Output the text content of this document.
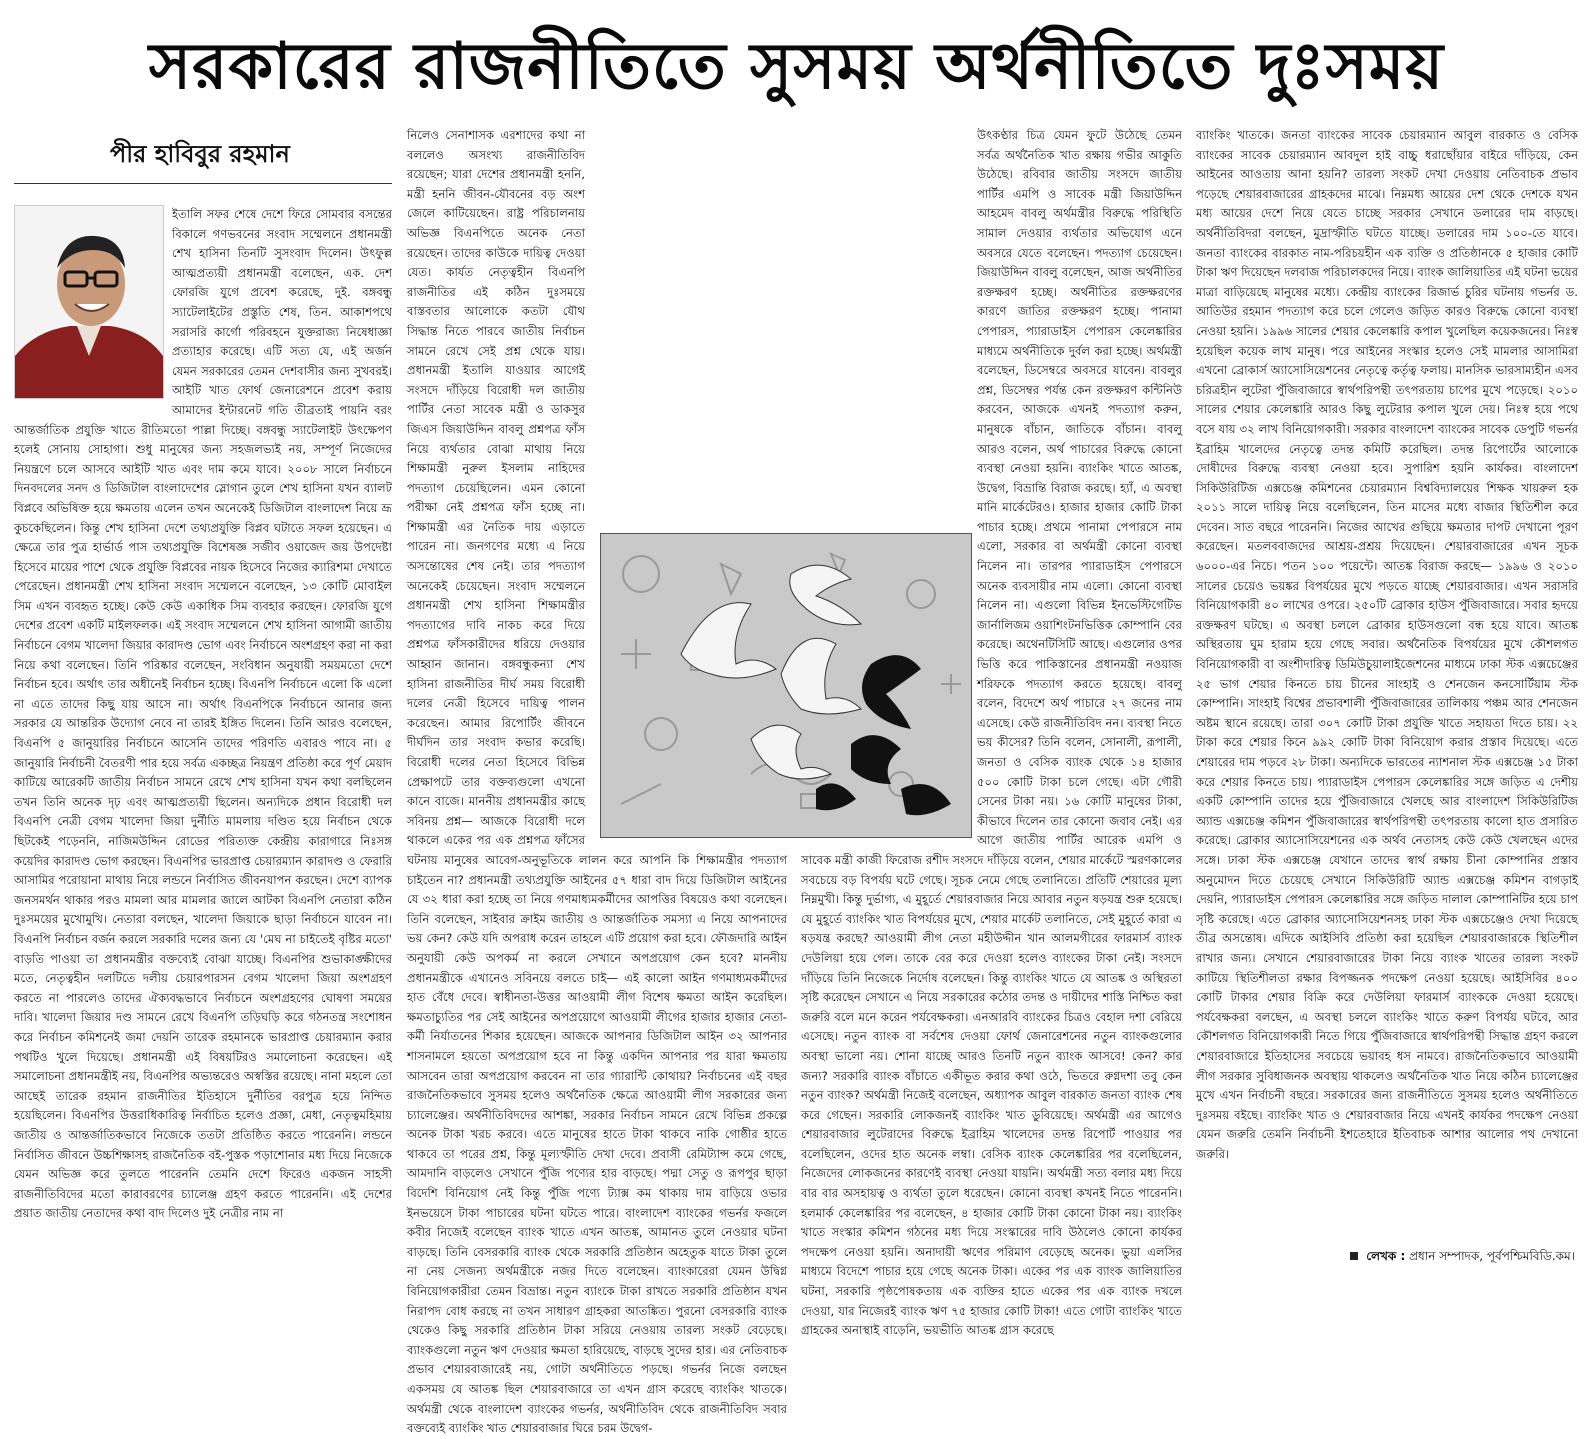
সরকারের রাজনীতিতে সুসময় অর্থনীতিতে দুঃসময়
পীর হাবিবুর রহমান

ইতালি সফর শেষে দেশে ফিরে সোমবার বসন্তের বিকালে গণভবনের সংবাদ সম্মেলনে প্রধানমন্ত্রী শেখ হাসিনা তিনটি সুসংবাদ দিলেন। উৎফুল্ল আত্মপ্রত্যয়ী প্রধানমন্ত্রী বলেছেন, এক. দেশ ফোরজি যুগে প্রবেশ করেছে, দুই. বঙ্গবন্ধু স্যাটেলাইটের প্রস্তুতি শেষ, তিন. আকাশপথে সরাসরি কার্গো পরিবহনে যুক্তরাজ্য নিষেধাজ্ঞা প্রত্যাহার করেছে। এটি সত্য যে, এই অর্জন যেমন সরকারের তেমন দেশবাসীর জন্য সুখবরই। আইটি খাত ফোর্থ জেনারেশনে প্রবেশ করায় আমাদের ইন্টারনেট গতি তীব্রতাই পায়নি বরং আন্তর্জাতিক প্রযুক্তি খাতে রীতিমতো পাল্লা দিচ্ছে। বঙ্গবন্ধু স্যাটেলাইট উৎক্ষেপণ হলেই সোনায় সোহাগা। শুধু মানুষের জন্য সহজলভ্যই নয়, সম্পূর্ণ নিজেদের নিয়ন্ত্রণে চলে আসবে আইটি খাত এবং দাম কমে যাবে। ২০০৮ সালে নির্বাচনে দিনবদলের সনদ ও ডিজিটাল বাংলাদেশের স্লোগান তুলে শেখ হাসিনা যখন ব্যালট বিপ্লবে অভিষিক্ত হয়ে ক্ষমতায় এলেন তখন অনেকেই ডিজিটাল বাংলাদেশ নিয়ে ভ্রূ কুচকেছিলেন। কিন্তু শেখ হাসিনা দেশে তথ্যপ্রযুক্তি বিপ্লব ঘটাতে সফল হয়েছেন। এ ক্ষেত্রে তার পুত্র হার্ভার্ড পাস তথ্যপ্রযুক্তি বিশেষজ্ঞ সজীব ওয়াজেদ জয় উপদেষ্টা হিসেবে মায়ের পাশে থেকে প্রযুক্তি বিপ্লবের নায়ক হিসেবে নিজের ক্যারিশমা দেখাতে পেরেছেন। প্রধানমন্ত্রী শেখ হাসিনা সংবাদ সম্মেলনে বলেছেন, ১৩ কোটি মোবাইল সিম এখন ব্যবহৃত হচ্ছে। কেউ কেউ একাধিক সিম ব্যবহার করছেন। ফোরজি যুগে দেশের প্রবেশ একটি মাইলফলক। এই সংবাদ সম্মেলনে শেখ হাসিনা আগামী জাতীয় নির্বাচনে বেগম খালেদা জিয়ার কারাদণ্ড ভোগ এবং নির্বাচনে অংশগ্রহণ করা না করা নিয়ে কথা বলেছেন। তিনি পরিষ্কার বলেছেন, সংবিধান অনুযায়ী সময়মতো দেশে নির্বাচন হবে। অর্থাৎ তার অধীনেই নির্বাচন হচ্ছে। বিএনপি নির্বাচনে এলো কি এলো না এতে তাদের কিছু যায় আসে না। অর্থাৎ বিএনপিকে নির্বাচনে আনার জন্য সরকার যে আন্তরিক উদ্যোগ নেবে না তারই ইঙ্গিত দিলেন। তিনি আরও বলেছেন, বিএনপি ৫ জানুয়ারির নির্বাচনে আসেনি তাদের পরিণতি এবারও পাবে না। ৫ জানুয়ারি নির্বাচনী বৈতরণী পার হয়ে সর্বত্র একচ্ছত্র নিয়ন্ত্রণ প্রতিষ্ঠা করে পূর্ণ মেয়াদ কাটিয়ে আরেকটি জাতীয় নির্বাচন সামনে রেখে শেখ হাসিনা যখন কথা বলছিলেন তখন তিনি অনেক দৃঢ় এবং আত্মপ্রত্যয়ী ছিলেন। অন্যদিকে প্রধান বিরোধী দল বিএনপি নেত্রী বেগম খালেদা জিয়া দুর্নীতি মামলায় দণ্ডিত হয়ে নির্বাচন থেকে ছিটকেই পড়েননি, নাজিমউদ্দিন রোডের পরিত্যক্ত কেন্দ্রীয় কারাগারে নিঃসঙ্গ কয়েদির কারাদণ্ড ভোগ করছেন। বিএনপির ভারপ্রাপ্ত চেয়ারম্যান কারাদণ্ড ও ফেরারি আসামির পরোয়ানা মাথায় নিয়ে লন্ডনে নির্বাসিত জীবনযাপন করছেন। দেশে ব্যাপক জনসমর্থন থাকার পরও মামলা আর মামলার জালে আটকা বিএনপি নেতারা কঠিন দুঃসময়ের মুখোমুখি। নেতারা বলছেন, খালেদা জিয়াকে ছাড়া নির্বাচনে যাবেন না। বিএনপি নির্বাচন বর্জন করলে সরকারি দলের জন্য যে 'মেঘ না চাইতেই বৃষ্টির মতো' বাড়তি পাওয়া তা প্রধানমন্ত্রীর বক্তব্যেই বোঝা যাচ্ছে। বিএনপির শুভাকাঙ্ক্ষীদের মতে, নেতৃত্বহীন দলটিতে দলীয় চেয়ারপারসন বেগম খালেদা জিয়া অংশগ্রহণ করতে না পারলেও তাদের ঐক্যবদ্ধভাবে নির্বাচনে অংশগ্রহণের ঘোষণা সময়ের দাবি। খালেদা জিয়ার দণ্ড সামনে রেখে বিএনপি তড়িঘড়ি করে গঠনতন্ত্র সংশোধন করে নির্বাচন কমিশনেই জমা দেয়নি তারেক রহমানকে ভারপ্রাপ্ত চেয়ারম্যান করার পথটিও খুলে দিয়েছে। প্রধানমন্ত্রী এই বিষয়টিরও সমালোচনা করেছেন। এই সমালোচনা প্রধানমন্ত্রীই নয়, বিএনপির অভ্যন্তরেও অস্বস্তির রয়েছে। নানা মহলে তো আছেই তারেক রহমান রাজনীতির ইতিহাসে দুর্নীতির বরপুত্র হয়ে নিন্দিত হয়েছিলেন। বিএনপির উত্তরাধিকারিত্ব নির্বাচিত হলেও প্রজ্ঞা, মেধা, নেতৃত্বমহিমায় জাতীয় ও আন্তর্জাতিকভাবে নিজেকে ততটা প্রতিষ্ঠিত করতে পারেননি। লন্ডনে নির্বাসিত জীবনে উচ্চশিক্ষাসহ রাজনৈতিক বই-পুস্তক পড়াশোনার মধ্য দিয়ে নিজেকে যেমন অভিজ্ঞ করে তুলতে পারেননি তেমনি দেশে ফিরেও একজন সাহসী রাজনীতিবিদের মতো কারাবরণের চ্যালেঞ্জ গ্রহণ করতে পারেননি। এই দেশের প্রয়াত জাতীয় নেতাদের কথা বাদ দিলেও দুই নেত্রীর নাম না

নিলেও সেনাশাসক এরশাদের কথা না বললেও অসংখ্য রাজনীতিবিদ রয়েছেন; যারা দেশের প্রধানমন্ত্রী হননি, মন্ত্রী হননি জীবন-যৌবনের বড় অংশ জেলে কাটিয়েছেন। রাষ্ট্র পরিচালনায় অভিজ্ঞ বিএনপিতে অনেক নেতা রয়েছেন। তাদের কাউকে দায়িত্ব দেওয়া যেত। কার্যত নেতৃত্বহীন বিএনপি রাজনীতির এই কঠিন দুঃসময়ে বাস্তবতার আলোকে কতটা যৌথ সিদ্ধান্ত নিতে পারবে জাতীয় নির্বাচন সামনে রেখে সেই প্রশ্ন থেকে যায়। প্রধানমন্ত্রী ইতালি যাওয়ার আগেই সংসদে দাঁড়িয়ে বিরোধী দল জাতীয় পার্টির নেতা সাবেক মন্ত্রী ও ডাকসুর জিএস জিয়াউদ্দিন বাবলু প্রশ্নপত্র ফাঁস নিয়ে ব্যর্থতার বোঝা মাথায় নিয়ে শিক্ষামন্ত্রী নুরুল ইসলাম নাহিদের পদত্যাগ চেয়েছিলেন। এমন কোনো পরীক্ষা নেই প্রশ্নপত্র ফাঁস হচ্ছে না। শিক্ষামন্ত্রী এর নৈতিক দায় এড়াতে পারেন না। জনগণের মধ্যে এ নিয়ে অসন্তোষের শেষ নেই। তার পদত্যাগ অনেকেই চেয়েছেন। সংবাদ সম্মেলনে প্রধানমন্ত্রী শেখ হাসিনা শিক্ষামন্ত্রীর পদত্যাগের দাবি নাকচ করে দিয়ে প্রশ্নপত্র ফাঁসকারীদের ধরিয়ে দেওয়ার আহ্বান জানান। বঙ্গবন্ধুকন্যা শেখ হাসিনা রাজনীতির দীর্ঘ সময় বিরোধী দলের নেত্রী হিসেবে দায়িত্ব পালন করেছেন। আমার রিপোর্টিং জীবনে দীর্ঘদিন তার সংবাদ কভার করেছি। বিরোধী দলের নেতা হিসেবে বিভিন্ন প্রেক্ষাপটে তার বক্তব্যগুলো এখনো কানে বাজে। মাননীয় প্রধানমন্ত্রীর কাছে সবিনয় প্রশ্ন— আজকে বিরোধী দলে থাকলে একের পর এক প্রশ্নপত্র ফাঁসের ঘটনায় মানুষের আবেগ-অনুভূতিকে লালন করে আপনি কি শিক্ষামন্ত্রীর পদত্যাগ চাইতেন না? প্রধানমন্ত্রী তথ্যপ্রযুক্তি আইনের ৫৭ ধারা বাদ দিয়ে ডিজিটাল আইনের যে ৩২ ধারা করা হচ্ছে তা নিয়ে গণমাধ্যমকর্মীদের আপত্তির বিষয়েও কথা বলেছেন। তিনি বলেছেন, সাইবার ক্রাইম জাতীয় ও আন্তর্জাতিক সমস্যা এ নিয়ে আপনাদের ভয় কেন? কেউ যদি অপরাধ করেন তাহলে এটি প্রয়োগ করা হবে। ফৌজদারি আইন অনুযায়ী কেউ অপকর্ম না করলে সেখানে অপপ্রয়োগ কেন হবে? মাননীয় প্রধানমন্ত্রীকে এখানেও সবিনয়ে বলতে চাই— এই কালো আইন গণমাধ্যমকর্মীদের হাত বেঁধে দেবে। স্বাধীনতা-উত্তর আওয়ামী লীগ বিশেষ ক্ষমতা আইন করেছিল। ক্ষমতাচ্যুতির পর সেই আইনের অপপ্রয়োগে আওয়ামী লীগের হাজার হাজার নেতা-কর্মী নির্যাতনের শিকার হয়েছেন। আজকে আপনার ডিজিটাল আইন ৩২ আপনার শাসনামলে হয়তো অপপ্রয়োগ হবে না কিন্তু একদিন আপনার পর যারা ক্ষমতায় আসবেন তারা অপপ্রয়োগ করবেন না তার গ্যারান্টি কোথায়? নির্বাচনের এই বছর রাজনৈতিকভাবে সুসময় হলেও অর্থনৈতিক ক্ষেত্রে আওয়ামী লীগ সরকারের জন্য চ্যালেঞ্জের। অর্থনীতিবিদদের আশঙ্কা, সরকার নির্বাচন সামনে রেখে বিভিন্ন প্রকল্পে অনেক টাকা খরচ করবে। এতে মানুষের হাতে টাকা থাকবে নাকি গোষ্ঠীর হাতে থাকবে তা পরের প্রশ্ন, কিন্তু মূল্যস্ফীতি দেখা দেবে। প্রবাসী রেমিট্যান্স কমে গেছে, আমদানি বাড়লেও সেখানে পুঁজি পণ্যের হার বাড়ছে। পদ্মা সেতু ও রূপপুর ছাড়া বিদেশি বিনিয়োগ নেই কিন্তু পুঁজি পণ্যে ট্যাক্স কম থাকায় দাম বাড়িয়ে ওভার ইনভয়েসে টাকা পাচারের ঘটনা ঘটতে পারে। বাংলাদেশ ব্যাংকের গভর্নর ফজলে কবীর নিজেই বলেছেন ব্যাংক খাতে এখন আতঙ্ক, আমানত তুলে নেওয়ার ঘটনা বাড়ছে। তিনি বেসরকারি ব্যাংক থেকে সরকারি প্রতিষ্ঠান অহেতুক যাতে টাকা তুলে না নেয় সেজন্য অর্থমন্ত্রীকে নজর দিতে বলেছেন। ব্যাংকারেরা যেমন উদ্বিগ্ন বিনিয়োগকারীরা তেমন বিভ্রান্ত। নতুন ব্যাংকে টাকা রাখতে সরকারি প্রতিষ্ঠান যখন নিরাপদ বোধ করছে না তখন সাধারণ গ্রাহকরা আতঙ্কিত। পুরনো বেসরকারি ব্যাংক থেকেও কিছু সরকারি প্রতিষ্ঠান টাকা সরিয়ে নেওয়ায় তারল্য সংকট বেড়েছে। ব্যাংকগুলো নতুন ঋণ দেওয়ার ক্ষমতা হারিয়েছে, বাড়ছে সুদের হার। এর নেতিবাচক প্রভাব শেয়ারবাজারেই নয়, গোটা অর্থনীতিতে পড়ছে। গভর্নর নিজে বলছেন একসময় যে আতঙ্ক ছিল শেয়ারবাজারে তা এখন গ্রাস করেছে ব্যাংকিং খাতকে। অর্থমন্ত্রী থেকে বাংলাদেশ ব্যাংকের গভর্নর, অর্থনীতিবিদ থেকে রাজনীতিবিদ সবার বক্তব্যেই ব্যাংকিং খাত শেয়ারবাজার ঘিরে চরম উদ্বেগ-

উৎকণ্ঠার চিত্র যেমন ফুটে উঠেছে তেমন সর্বত্র অর্থনৈতিক খাত রক্ষায় গভীর আকুতি উঠেছে। রবিবার জাতীয় সংসদে জাতীয় পার্টির এমপি ও সাবেক মন্ত্রী জিয়াউদ্দিন আহমেদ বাবলু অর্থমন্ত্রীর বিরুদ্ধে পরিস্থিতি সামাল দেওয়ার ব্যর্থতার অভিযোগ এনে অবসরে যেতে বলেছেন। পদত্যাগ চেয়েছেন। জিয়াউদ্দিন বাবলু বলেছেন, আজ অর্থনীতির রক্তক্ষরণ হচ্ছে। অর্থনীতির রক্তক্ষরণের কারণে জাতির রক্তক্ষরণ হচ্ছে। পানামা পেপারস, প্যারাডাইস পেপারস কেলেঙ্কারির মাধ্যমে অর্থনীতিকে দুর্বল করা হচ্ছে। অর্থমন্ত্রী বলেছেন, ডিসেম্বরে অবসরে যাবেন। বাবলুর প্রশ্ন, ডিসেম্বর পর্যন্ত কেন রক্তক্ষরণ কন্টিনিউ করবেন, আজকে এখনই পদত্যাগ করুন, মানুষকে বাঁচান, জাতিকে বাঁচান। বাবলু আরও বলেন, অর্থ পাচারের বিরুদ্ধে কোনো ব্যবস্থা নেওয়া হয়নি। ব্যাংকিং খাতে আতঙ্ক, উদ্বেগ, বিভ্রান্তি বিরাজ করছে। হ্যাঁ, এ অবস্থা মানি মার্কেটেরও। হাজার হাজার কোটি টাকা পাচার হচ্ছে। প্রথমে পানামা পেপারসে নাম এলো, সরকার বা অর্থমন্ত্রী কোনো ব্যবস্থা নিলেন না। তারপর প্যারাডাইস পেপারসে অনেক ব্যবসায়ীর নাম এলো। কোনো ব্যবস্থা নিলেন না। এগুলো বিভিন্ন ইনভেস্টিগেটিভ জার্নালিজম ওয়াশিংটনভিত্তিক কোম্পানি বের করেছে। অথেনটিসিটি আছে। এগুলোর ওপর ভিত্তি করে পাকিস্তানের প্রধানমন্ত্রী নওয়াজ শরিফকে পদত্যাগ করতে হয়েছে। বাবলু বলেন, বিদেশে অর্থ পাচারে ২৭ জনের নাম এসেছে। কেউ রাজনীতিবিদ নন। ব্যবস্থা নিতে ভয় কীসের? তিনি বলেন, সোনালী, রূপালী, জনতা ও বেসিক ব্যাংক থেকে ১৪ হাজার ৫০০ কোটি টাকা চলে গেছে। এটা গৌরী সেনের টাকা নয়। ১৬ কোটি মানুষের টাকা, কীভাবে দিলেন তার কোনো জবাব নেই। এর আগে জাতীয় পার্টির আরেক এমপি ও সাবেক মন্ত্রী কাজী ফিরোজ রশীদ সংসদে দাঁড়িয়ে বলেন, শেয়ার মার্কেটে স্মরণকালের সবচেয়ে বড় বিপর্যয় ঘটে গেছে। সূচক নেমে গেছে তলানিতে। প্রতিটি শেয়ারের মূল্য নিম্নমুখী। কিন্তু দুর্ভাগ্য, এ মুহূর্তে শেয়ারবাজার নিয়ে আবার নতুন ষড়যন্ত্র শুরু হয়েছে। যে মুহূর্তে ব্যাংকিং খাত বিপর্যয়ের মুখে, শেয়ার মার্কেট তলানিতে, সেই মুহূর্তে কারা এ ষড়যন্ত্র করছে? আওয়ামী লীগ নেতা মহীউদ্দীন খান আলমগীরের ফারমার্স ব্যাংক দেউলিয়া হয়ে গেল। তাকে বের করে দেওয়া হলেও ব্যাংকের টাকা নেই। সংসদে দাঁড়িয়ে তিনি নিজেকে নির্দোষ বলেছেন। কিন্তু ব্যাংকিং খাতে যে আতঙ্ক ও অস্থিরতা সৃষ্টি করেছেন সেখানে এ নিয়ে সরকারের কঠোর তদন্ত ও দায়ীদের শাস্তি নিশ্চিত করা জরুরি বলে মনে করেন পর্যবেক্ষকরা। এনআরবি ব্যাংকের চিত্রও বেহাল দশা বেরিয়ে এসেছে। নতুন ব্যাংক বা সর্বশেষ দেওয়া ফোর্থ জেনারেশনের নতুন ব্যাংকগুলোর অবস্থা ভালো নয়। শোনা যাচ্ছে আরও তিনটি নতুন ব্যাংক আসবে! কেন? কার জন্য? সরকারি ব্যাংক বাঁচাতে একীভূত করার কথা ওঠে, ভিতরে রুগ্নদশা তবু কেন নতুন ব্যাংক? অর্থমন্ত্রী নিজেই বলেছেন, অধ্যাপক আবুল বারকাত জনতা ব্যাংক শেষ করে গেছেন। সরকারি লোকজনই ব্যাংকিং খাত ডুবিয়েছে। অর্থমন্ত্রী এর আগেও শেয়ারবাজার লুটেরাদের বিরুদ্ধে ইব্রাহিম খালেদের তদন্ত রিপোর্ট পাওয়ার পর বলেছিলেন, ওদের হাত অনেক লম্বা। বেসিক ব্যাংক কেলেঙ্কারির পর বলেছিলেন, নিজেদের লোকজনের কারণেই ব্যবস্থা নেওয়া যায়নি। অর্থমন্ত্রী সত্য বলার মধ্য দিয়ে বার বার অসহায়ত্ব ও ব্যর্থতা তুলে ধরেছেন। কোনো ব্যবস্থা কখনই নিতে পারেননি। হলমার্ক কেলেঙ্কারির পর বলেছেন, ৪ হাজার কোটি টাকা কোনো টাকা নয়। ব্যাংকিং খাতে সংস্কার কমিশন গঠনের মধ্য দিয়ে সংস্কারের দাবি উঠলেও কোনো কার্যকর পদক্ষেপ নেওয়া হয়নি। অনাদায়ী ঋণের পরিমাণ বেড়েছে অনেক। ভুয়া এলসির মাধ্যমে বিদেশে পাচার হয়ে গেছে অনেক টাকা। একের পর এক ব্যাংক জালিয়াতির ঘটনা, সরকারি পৃষ্ঠপোষকতায় এক ব্যক্তির হাতে একের পর এক ব্যাংক দখলে দেওয়া, যার নিজেরই ব্যাংক ঋণ ৭৫ হাজার কোটি টাকা! এতে গোটা ব্যাংকিং খাতে গ্রাহকের অনাস্থাই বাড়েনি, ভয়ভীতি আতঙ্ক গ্রাস করেছে

ব্যাংকিং খাতকে। জনতা ব্যাংকের সাবেক চেয়ারম্যান আবুল বারকাত ও বেসিক ব্যাংকের সাবেক চেয়ারম্যান আবদুল হাই বাচ্চু ধরাছোঁয়ার বাইরে দাঁড়িয়ে, কেন আইনের আওতায় আনা হয়নি? তারল্য সংকট দেখা দেওয়ায় নেতিবাচক প্রভাব পড়েছে শেয়ারবাজারের গ্রাহকদের মাঝে। নিম্নমধ্য আয়ের দেশ থেকে দেশকে যখন মধ্য আয়ের দেশে নিয়ে যেতে চাচ্ছে সরকার সেখানে ডলারের দাম বাড়ছে। অর্থনীতিবিদরা বলছেন, মুদ্রাস্ফীতি ঘটতে যাচ্ছে। ডলারের দাম ১০০-তে যাবে। জনতা ব্যাংকের বারকাত নাম-পরিচয়হীন এক ব্যক্তি ও প্রতিষ্ঠানকে ৫ হাজার কোটি টাকা ঋণ দিয়েছেন দলবাজ পরিচালকদের নিয়ে। ব্যাংক জালিয়াতির এই ঘটনা ভয়ের মাত্রা বাড়িয়েছে মানুষের মধ্যে। কেন্দ্রীয় ব্যাংকের রিজার্ভ চুরির ঘটনায় গভর্নর ড. আতিউর রহমান পদত্যাগ করে চলে গেলেও জড়িত কারও বিরুদ্ধে কোনো ব্যবস্থা নেওয়া হয়নি। ১৯৯৬ সালের শেয়ার কেলেঙ্কারি কপাল খুলেছিল কয়েকজনের। নিঃস্ব হয়েছিল কয়েক লাখ মানুষ। পরে আইনের সংস্কার হলেও সেই মামলার আসামিরা এখনো ব্রোকার্স অ্যাসোসিয়েশনের নেতৃত্বে কর্তৃত্ব ফলায়। মানসিক ভারসাম্যহীন এসব চরিত্রহীন লুটেরা পুঁজিবাজারে স্বার্থপরিপন্থী তৎপরতায় চাপের মুখে পড়েছে। ২০১০ সালের শেয়ার কেলেঙ্কারি আরও কিছু লুটেরার কপাল খুলে দেয়। নিঃস্ব হয়ে পথে বসে যায় ৩২ লাখ বিনিয়োগকারী। সরকার বাংলাদেশ ব্যাংকের সাবেক ডেপুটি গভর্নর ইব্রাহিম খালেদের নেতৃত্বে তদন্ত কমিটি করেছিল। তদন্ত রিপোর্টের আলোকে দোষীদের বিরুদ্ধে ব্যবস্থা নেওয়া হবে। সুপারিশ হয়নি কার্যকর। বাংলাদেশ সিকিউরিটিজ এক্সচেঞ্জ কমিশনের চেয়ারম্যান বিশ্ববিদ্যালয়ের শিক্ষক খায়রুল হক ২০১১ সালে দায়িত্ব নিয়ে বলেছিলেন, তিন মাসের মধ্যে বাজার স্থিতিশীল করে দেবেন। সাত বছরে পারেননি। নিজের আখের গুছিয়ে ক্ষমতার দাপট দেখানো পূরণ করেছেন। মতলববাজদের আশ্রয়-প্রশ্রয় দিয়েছেন। শেয়ারবাজারের এখন সূচক ৬০০০-এর নিচে। পতন ১০০ পয়েন্টে। আতঙ্ক বিরাজ করছে— ১৯৯৬ ও ২০১০ সালের চেয়েও ভয়ঙ্কর বিপর্যয়ের মুখে পড়তে যাচ্ছে শেয়ারবাজার। এখন সরাসরি বিনিয়োগকারী ৪০ লাখের ওপরে। ২৫০টি ব্রোকার হাউস পুঁজিবাজারে। সবার হৃদয়ে রক্তক্ষরণ ঘটছে। এ অবস্থা চললে ব্রোকার হাউসগুলো বন্ধ হয়ে যাবে। আতঙ্ক অস্থিরতায় ঘুম হারাম হয়ে গেছে সবার। অর্থনৈতিক বিপর্যয়ের মুখে কৌশলগত বিনিয়োগকারী বা অংশীদারিত্ব ডিমিউচুয়ালাইজেশনের মাধ্যমে ঢাকা স্টক এক্সচেঞ্জের ২৫ ভাগ শেয়ার কিনতে চায় চীনের সাংহাই ও শেনজেন কনসোর্টিয়াম স্টক কোম্পানি। সাংহাই বিশ্বের প্রভাবশালী পুঁজিবাজারের তালিকায় পঞ্চম আর শেনজেন অষ্টম স্থানে রয়েছে। তারা ৩০৭ কোটি টাকা প্রযুক্তি খাতে সহায়তা দিতে চায়। ২২ টাকা করে শেয়ার কিনে ৯৯২ কোটি টাকা বিনিয়োগ করার প্রস্তাব দিয়েছে। এতে শেয়ারের দাম পড়বে ২৮ টাকা। অন্যদিকে ভারতের ন্যাশনাল স্টক এক্সচেঞ্জ ১৫ টাকা করে শেয়ার কিনতে চায়। প্যারাডাইস পেপারস কেলেঙ্কারির সঙ্গে জড়িত এ দেশীয় একটি কোম্পানি তাদের হয়ে পুঁজিবাজারে খেলছে আর বাংলাদেশ সিকিউরিটিজ অ্যান্ড এক্সচেঞ্জ কমিশন পুঁজিবাজারের স্বার্থপরিপন্থী তৎপরতায় কালো হাত প্রসারিত করেছে। ব্রোকার অ্যাসোসিয়েশনের এক অর্থব নেতাসহ কেউ কেউ খেলছেন এদের সঙ্গে। ঢাকা স্টক এক্সচেঞ্জ যেখানে তাদের স্বার্থ রক্ষায় চীনা কোম্পানির প্রস্তাব অনুমোদন দিতে চেয়েছে সেখানে সিকিউরিটি অ্যান্ড এক্সচেঞ্জ কমিশন বাগড়াই দেয়নি, প্যারাডাইস পেপারস কেলেঙ্কারির সঙ্গে জড়িত দালাল কোম্পানিটির হয়ে চাপ সৃষ্টি করেছে। এতে ব্রোকার অ্যাসোসিয়েশনসহ ঢাকা স্টক এক্সচেঞ্জেও দেখা দিয়েছে তীব্র অসন্তোষ। এদিকে আইসিবি প্রতিষ্ঠা করা হয়েছিল শেয়ারবাজারকে স্থিতিশীল রাখার জন্য। সেখানে শেয়ারবাজারের টাকা নিয়ে ব্যাংক খাতের তারল্য সংকট কাটিয়ে স্থিতিশীলতা রক্ষার বিপজ্জনক পদক্ষেপ নেওয়া হয়েছে। আইসিবির ৪০০ কোটি টাকার শেয়ার বিক্রি করে দেউলিয়া ফারমার্স ব্যাংককে দেওয়া হয়েছে। পর্যবেক্ষকরা বলছেন, এ অবস্থা চললে ব্যাংকিং খাতে করুণ বিপর্যয় ঘটবে, আর কৌশলগত বিনিয়োগকারী নিতে গিয়ে পুঁজিবাজারে স্বার্থপরিপন্থী সিদ্ধান্ত গ্রহণ করলে শেয়ারবাজারে ইতিহাসের সবচেয়ে ভয়াবহ ধস নামবে। রাজনৈতিকভাবে আওয়ামী লীগ সরকার সুবিধাজনক অবস্থায় থাকলেও অর্থনৈতিক খাত নিয়ে কঠিন চ্যালেঞ্জের মুখে এখন নির্বাচনী বছরে। সরকারের জন্য রাজনীতিতে সুসময় হলেও অর্থনীতিতে দুঃসময় বইছে। ব্যাংকিং খাত ও শেয়ারবাজার নিয়ে এখনই কার্যকর পদক্ষেপ নেওয়া যেমন জরুরি তেমনি নির্বাচনী ইশতেহারে ইতিবাচক আশার আলোর পথ দেখানো জরুরি।

লেখক : প্রধান সম্পাদক, পূর্বপশ্চিমবিডি.কম।
